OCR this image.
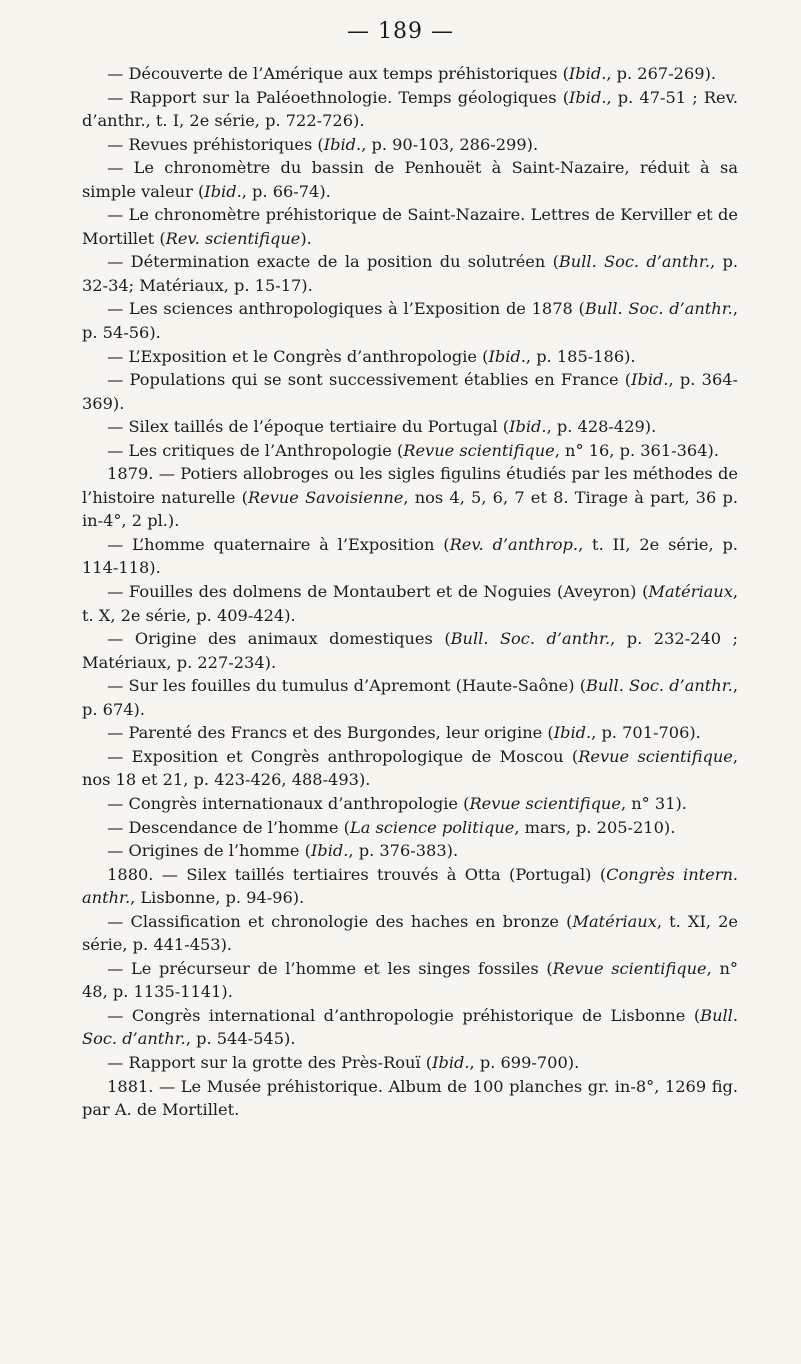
— 189 —

— Découverte de l’Amérique aux temps préhistoriques (Ibid., p. 267-269).

— Rapport sur la Paléoethnologie. Temps géologiques (Ibid., p. 47-51 ; Rev. d’anthr., t. I, 2e série, p. 722-726).

— Revues préhistoriques (Ibid., p. 90-103, 286-299).

— Le chronomètre du bassin de Penhouët à Saint-Nazaire, réduit à sa simple valeur (Ibid., p. 66-74).

— Le chronomètre préhistorique de Saint-Nazaire. Lettres de Kerviller et de Mortillet (Rev. scientifique).

— Détermination exacte de la position du solutréen (Bull. Soc. d’anthr., p. 32-34; Matériaux, p. 15-17).

— Les sciences anthropologiques à l’Exposition de 1878 (Bull. Soc. d’anthr., p. 54-56).

— L’Exposition et le Congrès d’anthropologie (Ibid., p. 185-186).

— Populations qui se sont successivement établies en France (Ibid., p. 364-369).

— Silex taillés de l’époque tertiaire du Portugal (Ibid., p. 428-429).

— Les critiques de l’Anthropologie (Revue scientifique, n° 16, p. 361-364).

1879. — Potiers allobroges ou les sigles figulins étudiés par les méthodes de l’histoire naturelle (Revue Savoisienne, nos 4, 5, 6, 7 et 8. Tirage à part, 36 p. in-4°, 2 pl.).

— L’homme quaternaire à l’Exposition (Rev. d’anthrop., t. II, 2e série, p. 114-118).

— Fouilles des dolmens de Montaubert et de Noguies (Aveyron) (Matériaux, t. X, 2e série, p. 409-424).

— Origine des animaux domestiques (Bull. Soc. d’anthr., p. 232-240 ; Matériaux, p. 227-234).

— Sur les fouilles du tumulus d’Apremont (Haute-Saône) (Bull. Soc. d’anthr., p. 674).

— Parenté des Francs et des Burgondes, leur origine (Ibid., p. 701-706).

— Exposition et Congrès anthropologique de Moscou (Revue scientifique, nos 18 et 21, p. 423-426, 488-493).

— Congrès internationaux d’anthropologie (Revue scientifique, n° 31).

— Descendance de l’homme (La science politique, mars, p. 205-210).

— Origines de l’homme (Ibid., p. 376-383).

1880. — Silex taillés tertiaires trouvés à Otta (Portugal) (Congrès intern. anthr., Lisbonne, p. 94-96).

— Classification et chronologie des haches en bronze (Matériaux, t. XI, 2e série, p. 441-453).

— Le précurseur de l’homme et les singes fossiles (Revue scientifique, n° 48, p. 1135-1141).

— Congrès international d’anthropologie préhistorique de Lisbonne (Bull. Soc. d’anthr., p. 544-545).

— Rapport sur la grotte des Près-Rouï (Ibid., p. 699-700).

1881. — Le Musée préhistorique. Album de 100 planches gr. in-8°, 1269 fig. par A. de Mortillet.
